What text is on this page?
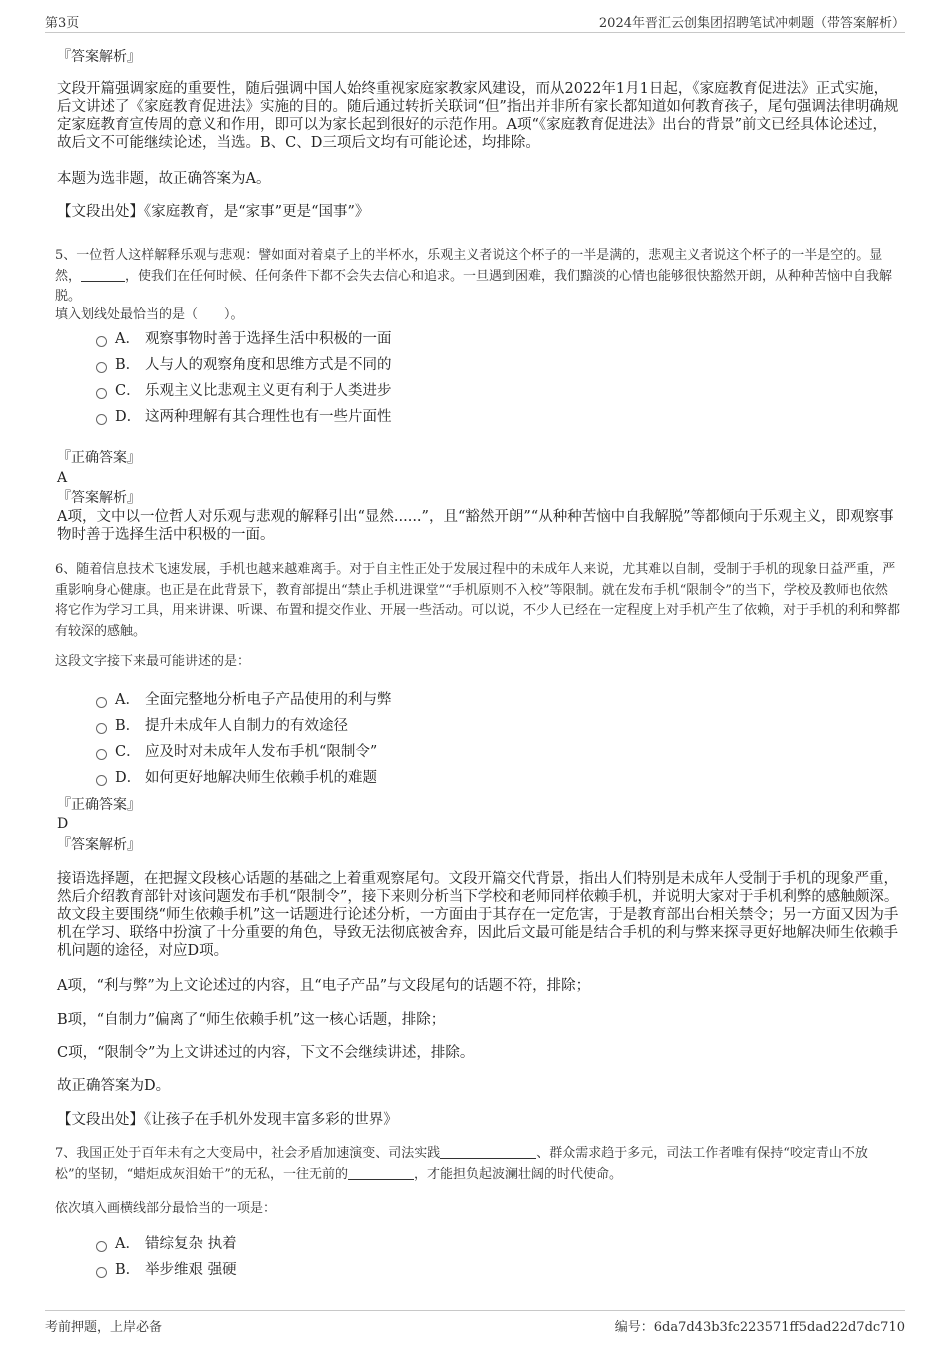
第3页	2024年晋汇云创集团招聘笔试冲刺题（带答案解析）
『答案解析』

文段开篇强调家庭的重要性，随后强调中国人始终重视家庭家教家风建设，而从2022年1月1日起，《家庭教育促进法》正式实施，后文讲述了《家庭教育促进法》实施的目的。随后通过转折关联词“但”指出并非所有家长都知道如何教育孩子，尾句强调法律明确规定家庭教育宣传周的意义和作用，即可以为家长起到很好的示范作用。A项“《家庭教育促进法》出台的背景”前文已经具体论述过，故后文不可能继续论述，当选。B、C、D三项后文均有可能论述，均排除。

本题为选非题，故正确答案为A。

【文段出处】《家庭教育，是“家事”更是“国事”》

5、一位哲人这样解释乐观与悲观：譬如面对着桌子上的半杯水，乐观主义者说这个杯子的一半是满的，悲观主义者说这个杯子的一半是空的。显然，	，使我们在任何时候、任何条件下都不会失去信心和追求。一旦遇到困难，我们黯淡的心情也能够很快豁然开朗，从种种苦恼中自我解脱。

填入划线处最恰当的是（　　）。

A． 观察事物时善于选择生活中积极的一面
B． 人与人的观察角度和思维方式是不同的
C． 乐观主义比悲观主义更有利于人类进步
D． 这两种理解有其合理性也有一些片面性
『正确答案』
A
『答案解析』

A项，文中以一位哲人对乐观与悲观的解释引出“显然......”，且“豁然开朗”“从种种苦恼中自我解脱”等都倾向于乐观主义，即观察事物时善于选择生活中积极的一面。

6、随着信息技术飞速发展，手机也越来越难离手。对于自主性正处于发展过程中的未成年人来说，尤其难以自制，受制于手机的现象日益严重，严重影响身心健康。也正是在此背景下，教育部提出“禁止手机进课堂”“手机原则不入校”等限制。就在发布手机“限制令”的当下，学校及教师也依然将它作为学习工具，用来讲课、听课、布置和提交作业、开展一些活动。可以说，不少人已经在一定程度上对手机产生了依赖，对于手机的利和弊都有较深的感触。

这段文字接下来最可能讲述的是：

A． 全面完整地分析电子产品使用的利与弊
B． 提升未成年人自制力的有效途径
C． 应及时对未成年人发布手机“限制令”
D． 如何更好地解决师生依赖手机的难题
『正确答案』
D
『答案解析』

接语选择题，在把握文段核心话题的基础之上着重观察尾句。文段开篇交代背景，指出人们特别是未成年人受制于手机的现象严重，然后介绍教育部针对该问题发布手机“限制令”，接下来则分析当下学校和老师同样依赖手机，并说明大家对于手机利弊的感触颇深。故文段主要围绕“师生依赖手机”这一话题进行论述分析，一方面由于其存在一定危害，于是教育部出台相关禁令；另一方面又因为手机在学习、联络中扮演了十分重要的角色，导致无法彻底被舍弃，因此后文最可能是结合手机的利与弊来探寻更好地解决师生依赖手机问题的途径，对应D项。

A项，“利与弊”为上文论述过的内容，且“电子产品”与文段尾句的话题不符，排除；

B项，“自制力”偏离了“师生依赖手机”这一核心话题，排除；

C项，“限制令”为上文讲述过的内容，下文不会继续讲述，排除。

故正确答案为D。

【文段出处】《让孩子在手机外发现丰富多彩的世界》

7、我国正处于百年未有之大变局中，社会矛盾加速演变、司法实践	、群众需求趋于多元，司法工作者唯有保持“咬定青山不放松”的坚韧，“蜡炬成灰泪始干”的无私，一往无前的	，才能担负起波澜壮阔的时代使命。

依次填入画横线部分最恰当的一项是：

A． 错综复杂 执着
B． 举步维艰 强硬
考前押题，上岸必备	编号：6da7d43b3fc223571ff5dad22d7dc710
